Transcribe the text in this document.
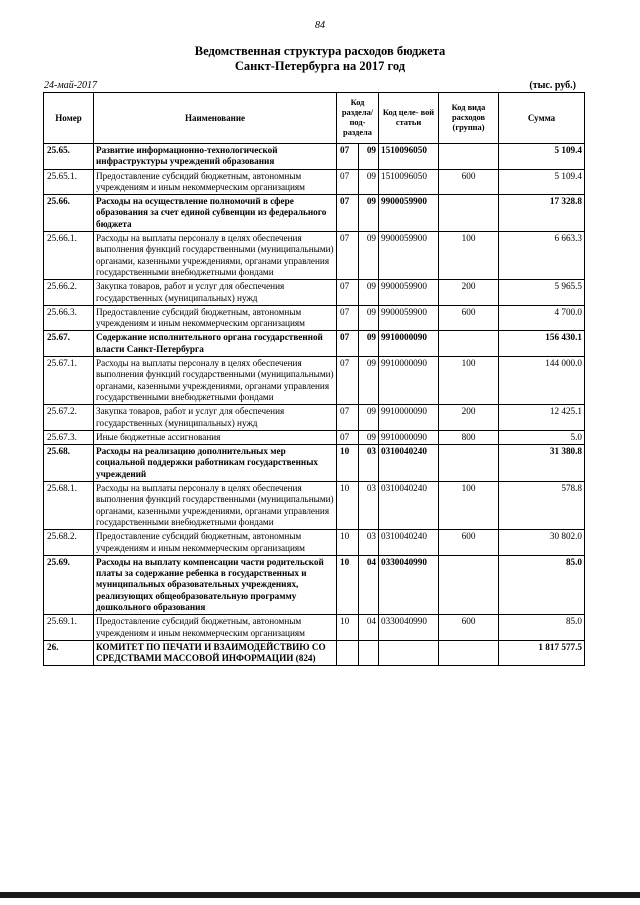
84
Ведомственная структура расходов бюджета
Санкт-Петербурга на 2017 год
24-май-2017	(тыс. руб.)
Номер	Наименование	Код раздела/ под- раздела		Код целе- вой статьи	Код вида расходов (группа)	Сумма
25.65.	Развитие информационно-технологической инфраструктуры учреждений образования	07	09	1510096050		5 109.4
25.65.1.	Предоставление субсидий бюджетным, автономным учреждениям и иным некоммерческим организациям	07	09	1510096050	600	5 109.4
25.66.	Расходы на осуществление полномочий в сфере образования за счет единой субвенции из федерального бюджета	07	09	9900059900		17 328.8
25.66.1.	Расходы на выплаты персоналу в целях обеспечения выполнения функций государственными (муниципальными) органами, казенными учреждениями, органами управления государственными внебюджетными фондами	07	09	9900059900	100	6 663.3
25.66.2.	Закупка товаров, работ и услуг для обеспечения государственных (муниципальных) нужд	07	09	9900059900	200	5 965.5
25.66.3.	Предоставление субсидий бюджетным, автономным учреждениям и иным некоммерческим организациям	07	09	9900059900	600	4 700.0
25.67.	Содержание исполнительного органа государственной власти Санкт-Петербурга	07	09	9910000090		156 430.1
25.67.1.	Расходы на выплаты персоналу в целях обеспечения выполнения функций государственными (муниципальными) органами, казенными учреждениями, органами управления государственными внебюджетными фондами	07	09	9910000090	100	144 000.0
25.67.2.	Закупка товаров, работ и услуг для обеспечения государственных (муниципальных) нужд	07	09	9910000090	200	12 425.1
25.67.3.	Иные бюджетные ассигнования	07	09	9910000090	800	5.0
25.68.	Расходы на реализацию дополнительных мер социальной поддержки работникам государственных учреждений	10	03	0310040240		31 380.8
25.68.1.	Расходы на выплаты персоналу в целях обеспечения выполнения функций государственными (муниципальными) органами, казенными учреждениями, органами управления государственными внебюджетными фондами	10	03	0310040240	100	578.8
25.68.2.	Предоставление субсидий бюджетным, автономным учреждениям и иным некоммерческим организациям	10	03	0310040240	600	30 802.0
25.69.	Расходы на выплату компенсации части родительской платы за содержание ребенка в государственных и муниципальных образовательных учреждениях, реализующих общеобразовательную программу дошкольного образования	10	04	0330040990		85.0
25.69.1.	Предоставление субсидий бюджетным, автономным учреждениям и иным некоммерческим организациям	10	04	0330040990	600	85.0
26.	КОМИТЕТ ПО ПЕЧАТИ И ВЗАИМОДЕЙСТВИЮ СО СРЕДСТВАМИ МАССОВОЙ ИНФОРМАЦИИ (824)					1 817 577.5
